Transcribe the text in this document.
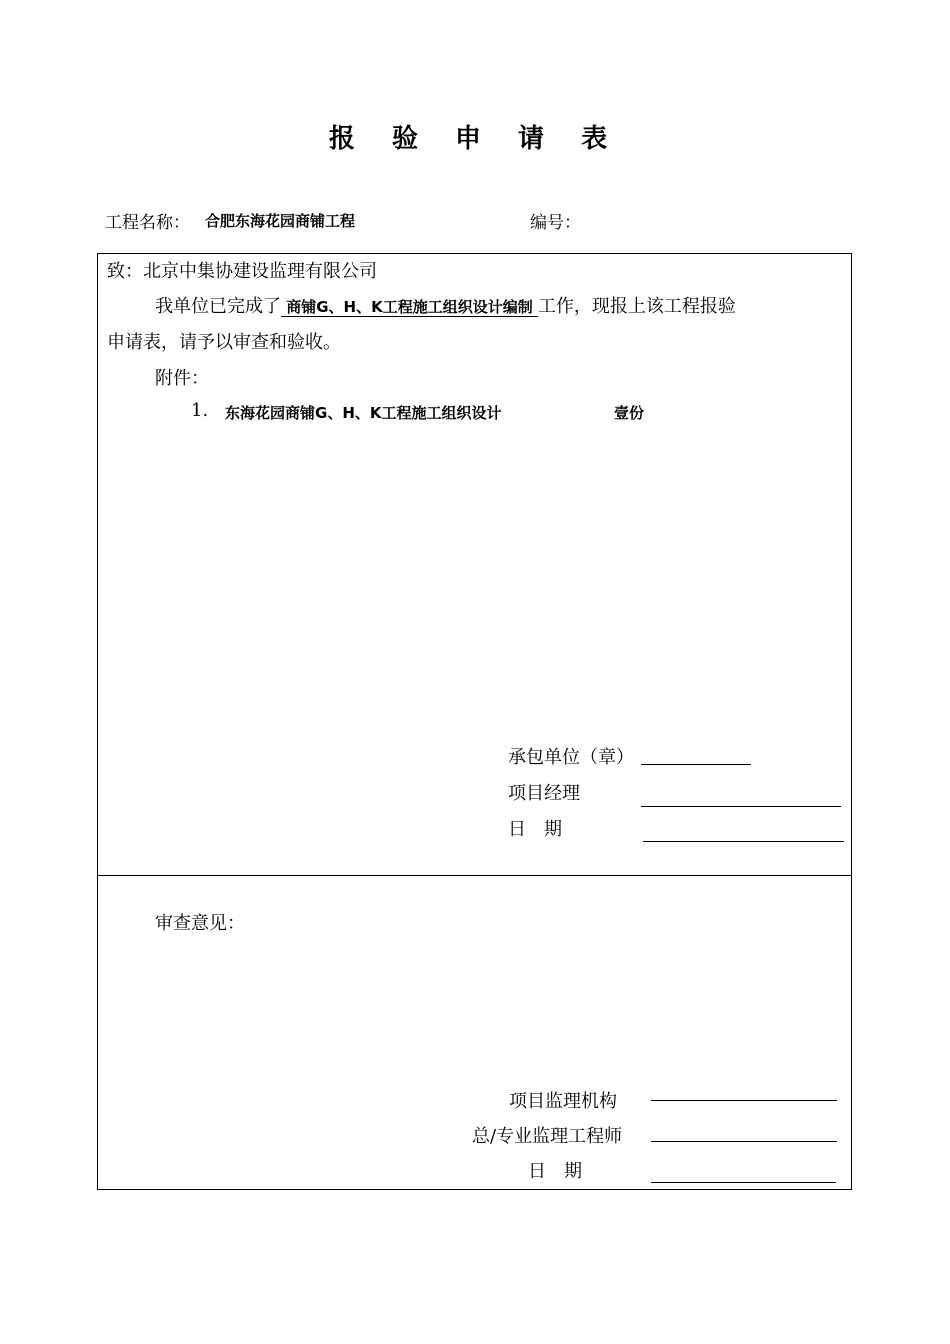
报 验 申 请 表
工程名称： 合肥东海花园商铺工程	编号：
致：北京中集协建设监理有限公司
我单位已完成了 商铺G、H、K工程施工组织设计编制 工作，现报上该工程报验
申请表，请予以审查和验收。
附件：
1. 东海花园商铺G、H、K工程施工组织设计	壹份
承包单位（章）
项目经理
日　期
审查意见：
项目监理机构
总/专业监理工程师
日　期
